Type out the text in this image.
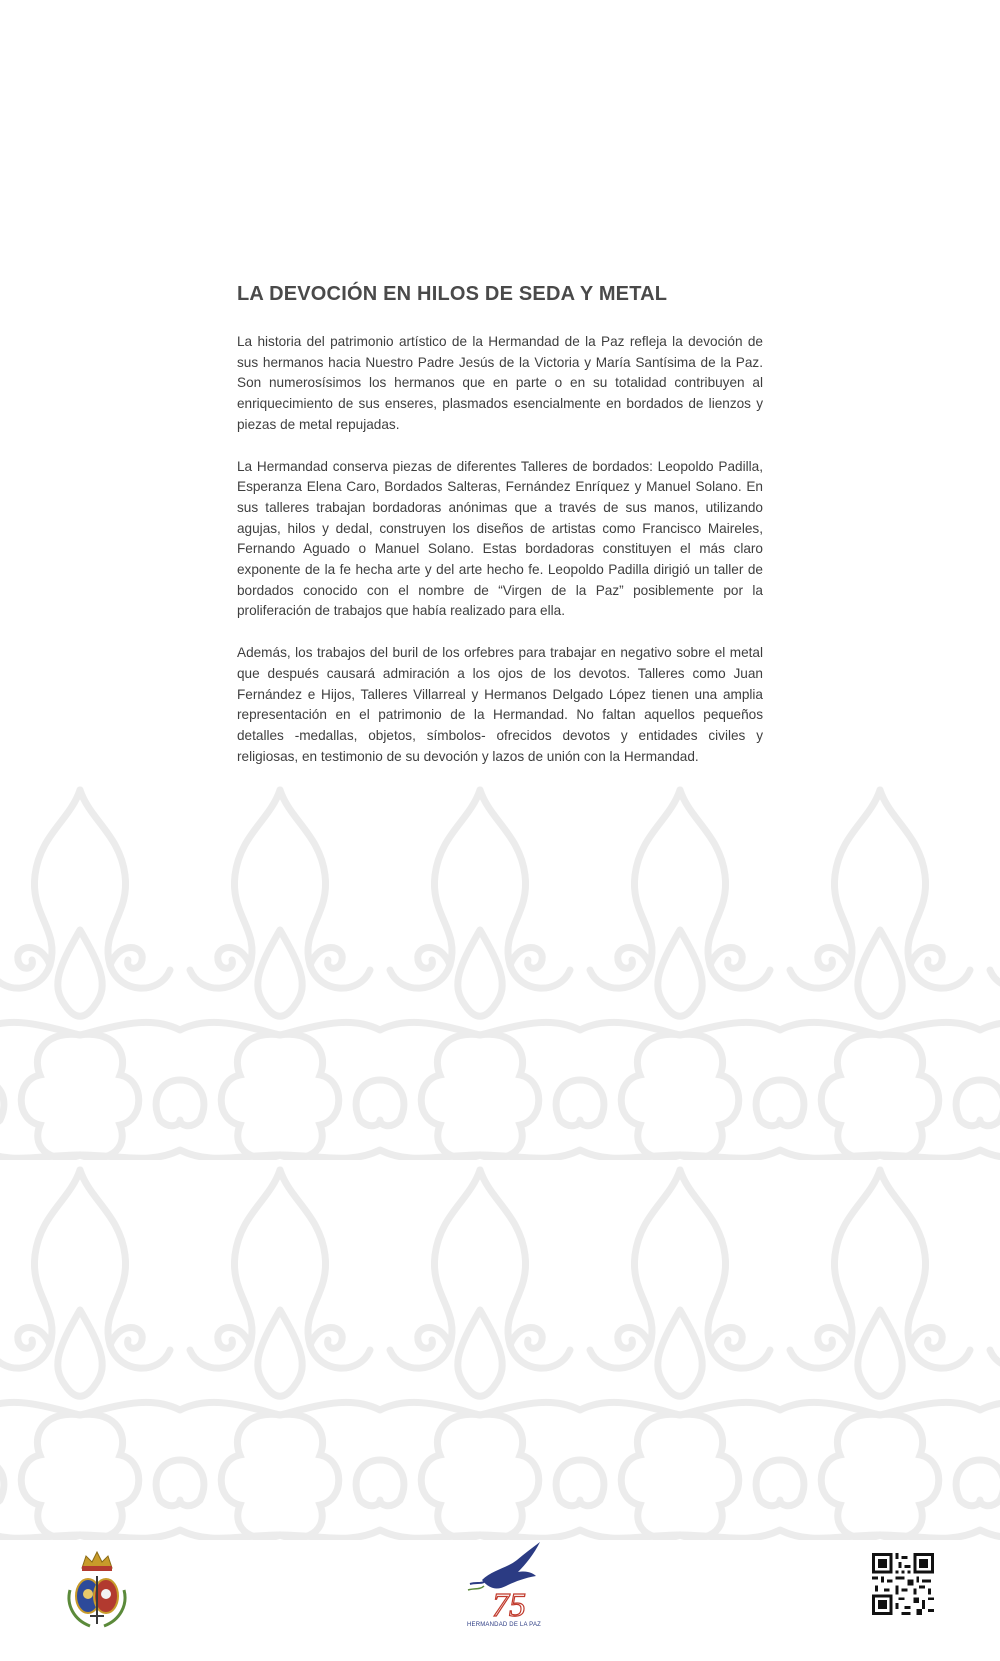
LA DEVOCIÓN EN HILOS DE SEDA Y METAL

La historia del patrimonio artístico de la Hermandad de la Paz refleja la devoción de sus hermanos hacia Nuestro Padre Jesús de la Victoria y María Santísima de la Paz. Son numerosísimos los hermanos que en parte o en su totalidad contribuyen al enriquecimiento de sus enseres, plasmados esencialmente en bordados de lienzos y piezas de metal repujadas.

La Hermandad conserva piezas de diferentes Talleres de bordados: Leopoldo Padilla, Esperanza Elena Caro, Bordados Salteras, Fernández Enríquez y Manuel Solano. En sus talleres trabajan bordadoras anónimas que a través de sus manos, utilizando agujas, hilos y dedal, construyen los diseños de artistas como Francisco Maireles, Fernando Aguado o Manuel Solano. Estas bordadoras constituyen el más claro exponente de la fe hecha arte y del arte hecho fe. Leopoldo Padilla dirigió un taller de bordados conocido con el nombre de “Virgen de la Paz” posiblemente por la proliferación de trabajos que había realizado para ella.

Además, los trabajos del buril de los orfebres para trabajar en negativo sobre el metal que después causará admiración a los ojos de los devotos. Talleres como Juan Fernández e Hijos, Talleres Villarreal y Hermanos Delgado López tienen una amplia representación en el patrimonio de la Hermandad. No faltan aquellos pequeños detalles -medallas, objetos, símbolos- ofrecidos devotos y entidades civiles y religiosas, en testimonio de su devoción y lazos de unión con la Hermandad.

75
HERMANDAD DE LA PAZ
